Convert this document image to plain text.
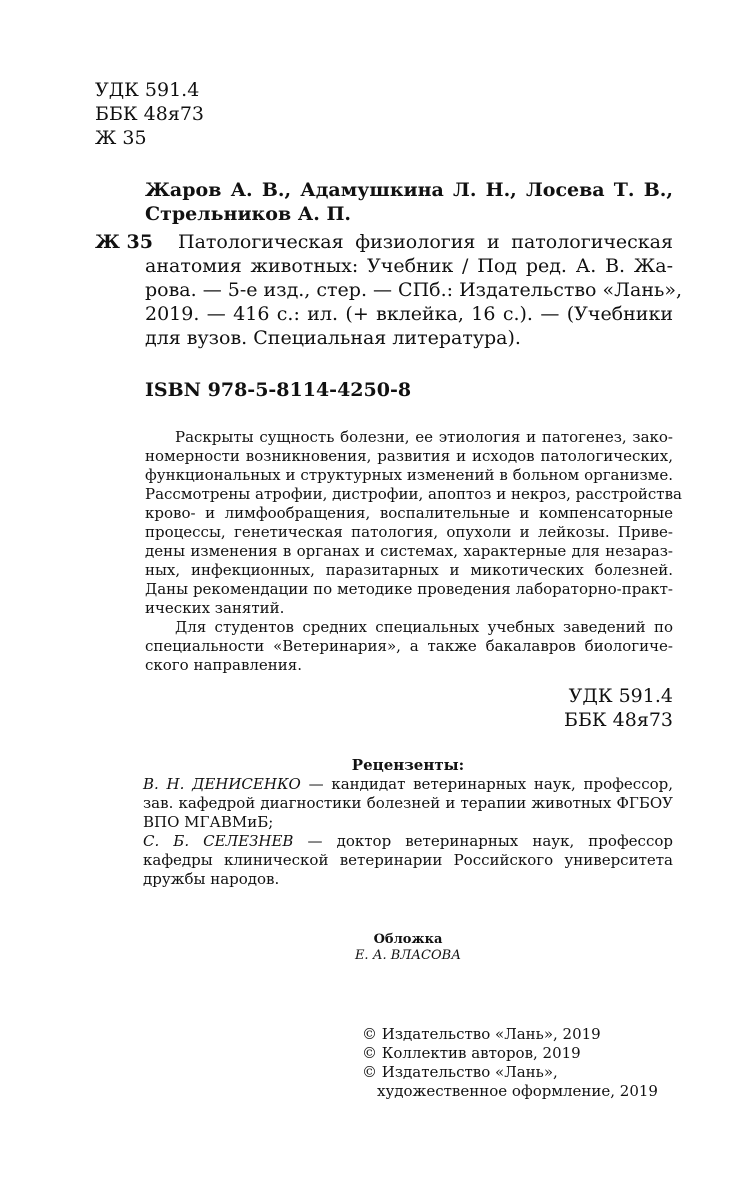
УДК 591.4
ББК 48я73
Ж 35
Жаров А. В., Адамушкина Л. Н., Лосева Т. В.,
Стрельников А. П.
Ж 35 Патологическая физиология и патологическая
анатомия животных: Учебник / Под ред. А. В. Жа-
рова. — 5-е изд., стер. — СПб.: Издательство «Лань»,
2019. — 416 с.: ил. (+ вклейка, 16 с.). — (Учебники
для вузов. Специальная литература).
ISBN 978-5-8114-4250-8
Раскрыты сущность болезни, ее этиология и патогенез, зако-
номерности возникновения, развития и исходов патологических,
функциональных и структурных изменений в больном организме.
Рассмотрены атрофии, дистрофии, апоптоз и некроз, расстройства
крово- и лимфообращения, воспалительные и компенсаторные
процессы, генетическая патология, опухоли и лейкозы. Приве-
дены изменения в органах и системах, характерные для незараз-
ных, инфекционных, паразитарных и микотических болезней.
Даны рекомендации по методике проведения лабораторно-практ-
ических занятий.
Для студентов средних специальных учебных заведений по
специальности «Ветеринария», а также бакалавров биологиче-
ского направления.
УДК 591.4
ББК 48я73
Рецензенты:
В. Н. ДЕНИСЕНКО — кандидат ветеринарных наук, профессор,
зав. кафедрой диагностики болезней и терапии животных ФГБОУ
ВПО МГАВМиБ;
С. Б. СЕЛЕЗНЕВ — доктор ветеринарных наук, профессор
кафедры клинической ветеринарии Российского университета
дружбы народов.
Обложка
Е. А. ВЛАСОВА
© Издательство «Лань», 2019
© Коллектив авторов, 2019
© Издательство «Лань»,
художественное оформление, 2019
